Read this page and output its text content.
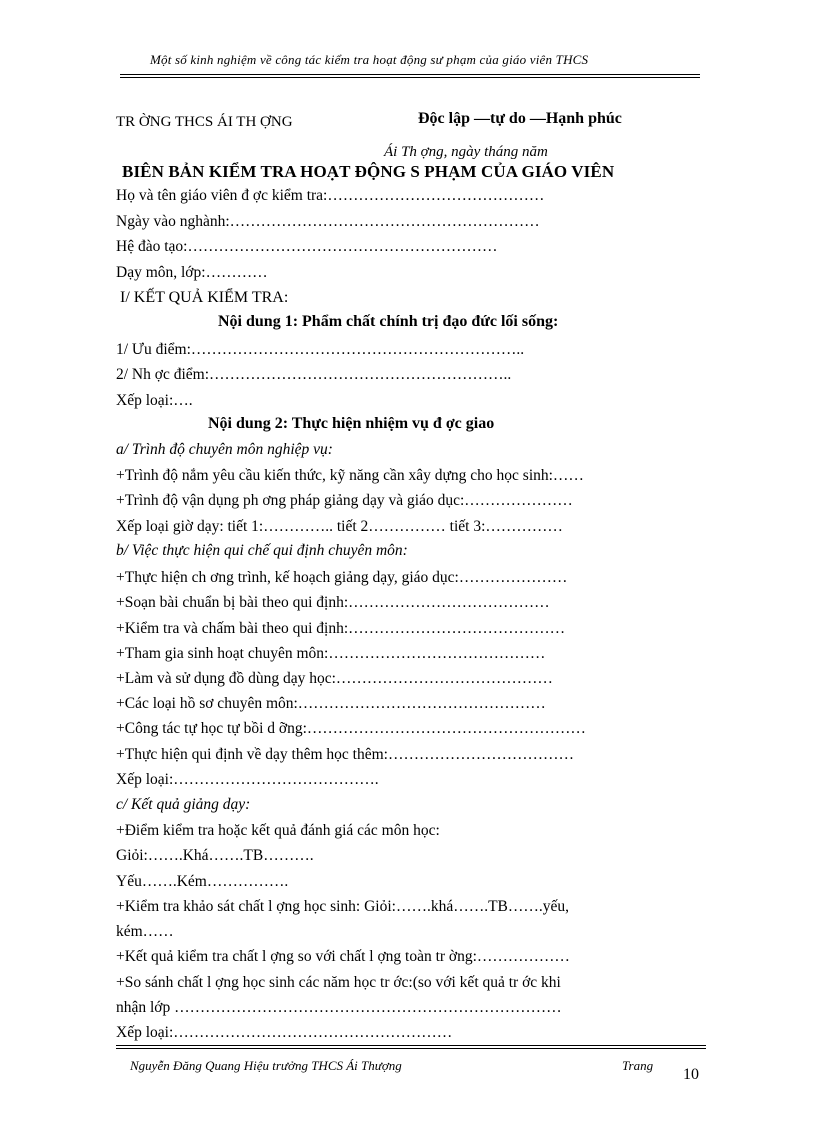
Một số kinh nghiệm về công tác kiểm tra hoạt động sư phạm của giáo viên THCS
TR ỜNG THCS ÁI TH ỢNG	Độc lập —tự do —Hạnh phúc
Ái Th ợng, ngày tháng năm
BIÊN BẢN KIỂM TRA HOẠT ĐỘNG S PHẠM CỦA GIÁO VIÊN
Họ và tên giáo viên đ ợc kiểm tra:……………………………………
Ngày vào nghành:……………………………………………………
Hệ đào tạo:……………………………………………………
Dạy môn, lớp:…………
I/ KẾT QUẢ KIỂM TRA:
Nội dung 1: Phẩm chất chính trị đạo đức lối sống:
1/ Ưu điểm:………………………………………………………..
2/ Nh ợc điểm:…………………………………………………..
Xếp loại:….
Nội dung 2: Thực hiện nhiệm vụ đ ợc giao
a/ Trình độ chuyên môn nghiệp vụ:
+Trình độ nắm yêu cầu kiến thức, kỹ năng cần xây dựng cho học sinh:……
+Trình độ vận dụng ph ơng pháp giảng dạy và giáo dục:…………………
Xếp loại giờ dạy: tiết 1:………….. tiết 2…………… tiết 3:……………
b/ Việc thực hiện qui chế qui định chuyên môn:
+Thực hiện ch ơng trình, kế hoạch giảng dạy, giáo dục:…………………
+Soạn bài chuẩn bị bài theo qui định:…………………………………
+Kiểm tra và chấm bài theo qui định:……………………………………
+Tham gia sinh hoạt chuyên môn:……………………………………
+Làm và sử dụng đồ dùng dạy học:……………………………………
+Các loại hồ sơ chuyên môn:…………………………………………
+Công tác tự học tự bồi d ỡng:………………………………………………
+Thực hiện qui định về dạy thêm học thêm:………………………………
Xếp loại:………………………………….
c/ Kết quả giảng dạy:
+Điểm kiểm tra hoặc kết quả đánh giá các môn học:
Giỏi:…….Khá…….TB……….
Yếu…….Kém…………….
+Kiểm tra khảo sát chất l ợng học sinh: Giỏi:…….khá…….TB…….yếu,
kém……
+Kết quả kiểm tra chất l ợng so với chất l ợng toàn tr ờng:………………
+So sánh chất l ợng học sinh các năm học tr ớc:(so với kết quả tr ớc khi
nhận lớp …………………………………………………………………
Xếp loại:………………………………………………
Nguyễn Đăng Quang Hiệu trưởng THCS Ái Thượng	Trang
10
